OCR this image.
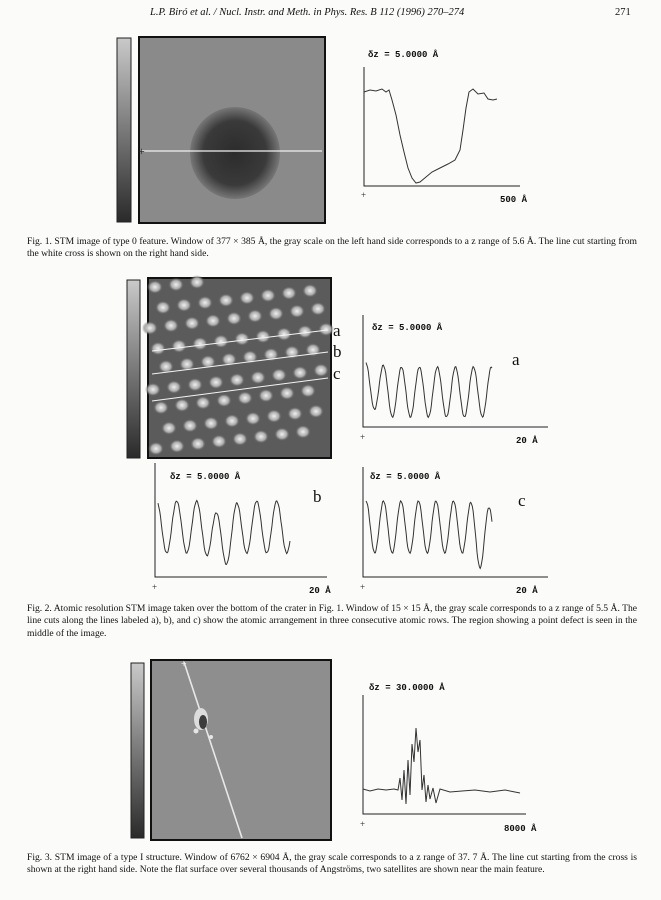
L.P. Biró et al. / Nucl. Instr. and Meth. in Phys. Res. B 112 (1996) 270–274	271
+
+
+
+	+
+
+
δz = 5.0000 Å
500 Å
Fig. 1. STM image of type 0 feature. Window of 377 × 385 Å, the gray scale on the left hand side corresponds to a z range of 5.6 Å. The line cut starting from the white cross is shown on the right hand side.
a
b
c
δz = 5.0000 Å
a
20 Å
δz = 5.0000 Å
b
20 Å
δz = 5.0000 Å
c
20 Å
Fig. 2. Atomic resolution STM image taken over the bottom of the crater in Fig. 1. Window of 15 × 15 Å, the gray scale corresponds to a z range of 5.5 Å. The line cuts along the lines labeled a), b), and c) show the atomic arrangement in three consecutive atomic rows. The region showing a point defect is seen in the middle of the image.
δz = 30.0000 Å
8000 Å
Fig. 3. STM image of a type I structure. Window of 6762 × 6904 Å, the gray scale corresponds to a z range of 37. 7 Å. The line cut starting from the cross is shown at the right hand side. Note the flat surface over several thousands of Angströms, two satellites are shown near the main feature.
